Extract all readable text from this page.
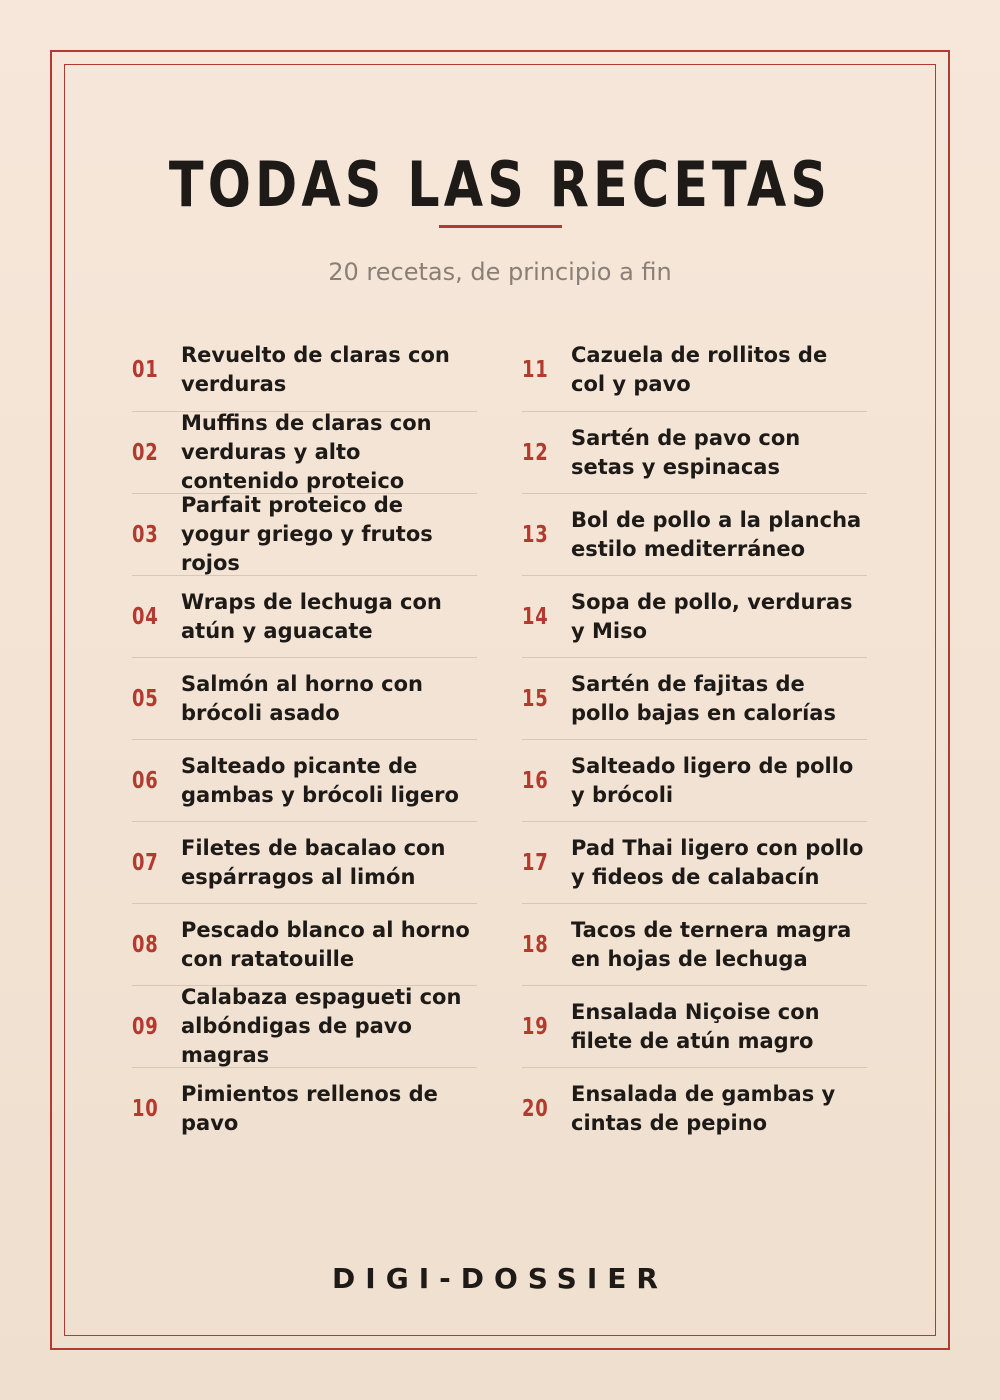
TODAS LAS RECETAS
20 recetas, de principio a fin
01
Revuelto de claras con verduras
02
Muffins de claras con verduras y alto contenido proteico
03
Parfait proteico de yogur griego y frutos rojos
04
Wraps de lechuga con atún y aguacate
05
Salmón al horno con brócoli asado
06
Salteado picante de gambas y brócoli ligero
07
Filetes de bacalao con espárragos al limón
08
Pescado blanco al horno con ratatouille
09
Calabaza espagueti con albóndigas de pavo magras
10
Pimientos rellenos de pavo
11
Cazuela de rollitos de col y pavo
12
Sartén de pavo con setas y espinacas
13
Bol de pollo a la plancha estilo mediterráneo
14
Sopa de pollo, verduras y Miso
15
Sartén de fajitas de pollo bajas en calorías
16
Salteado ligero de pollo y brócoli
17
Pad Thai ligero con pollo y fideos de calabacín
18
Tacos de ternera magra en hojas de lechuga
19
Ensalada Niçoise con filete de atún magro
20
Ensalada de gambas y cintas de pepino
DIGI-DOSSIER
